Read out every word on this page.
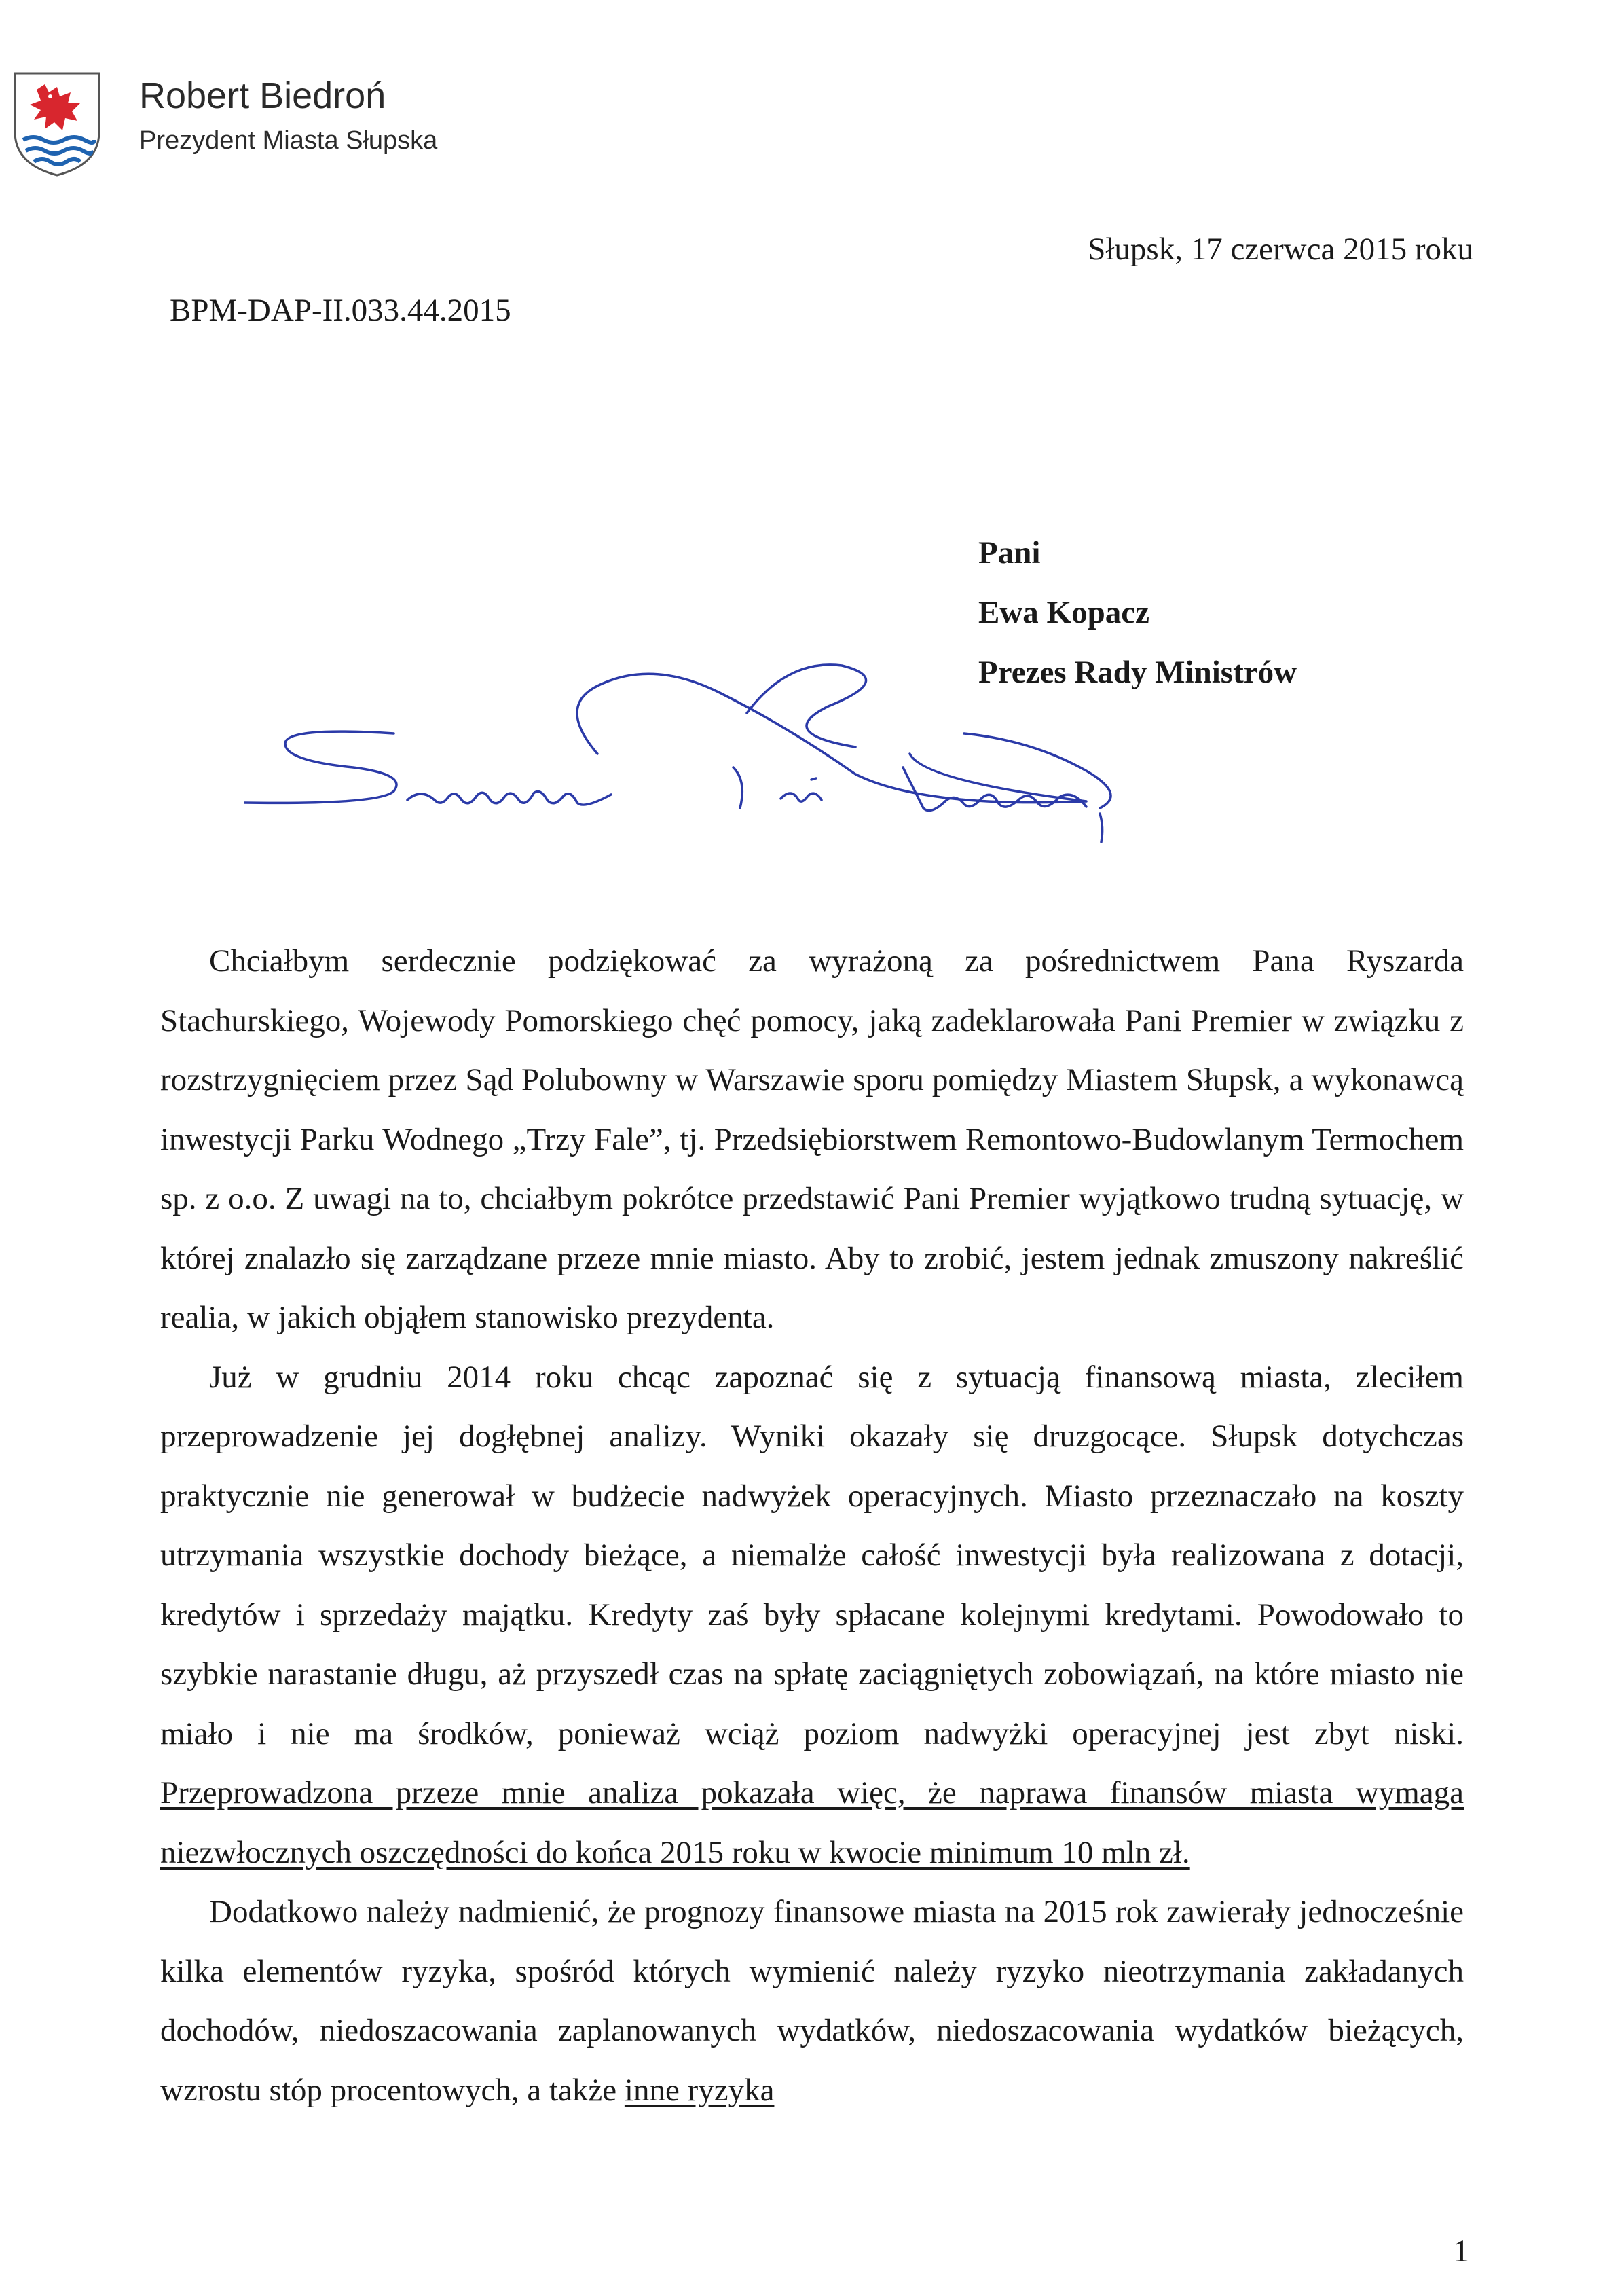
Robert Biedroń
Prezydent Miasta Słupska
Słupsk, 17 czerwca 2015 roku
BPM-DAP-II.033.44.2015
Pani
Ewa Kopacz
Prezes Rady Ministrów

Chciałbym serdecznie podziękować za wyrażoną za pośrednictwem Pana Ryszarda Stachurskiego, Wojewody Pomorskiego chęć pomocy, jaką zadeklarowała Pani Premier w związku z rozstrzygnięciem przez Sąd Polubowny w Warszawie sporu pomiędzy Miastem Słupsk, a wykonawcą inwestycji Parku Wodnego „Trzy Fale”, tj. Przedsiębiorstwem Remontowo-Budowlanym Termochem sp. z o.o. Z uwagi na to, chciałbym pokrótce przedstawić Pani Premier wyjątkowo trudną sytuację, w której znalazło się zarządzane przeze mnie miasto. Aby to zrobić, jestem jednak zmuszony nakreślić realia, w jakich objąłem stanowisko prezydenta.

Już w grudniu 2014 roku chcąc zapoznać się z sytuacją finansową miasta, zleciłem przeprowadzenie jej dogłębnej analizy. Wyniki okazały się druzgocące. Słupsk dotychczas praktycznie nie generował w budżecie nadwyżek operacyjnych. Miasto przeznaczało na koszty utrzymania wszystkie dochody bieżące, a niemalże całość inwestycji była realizowana z dotacji, kredytów i sprzedaży majątku. Kredyty zaś były spłacane kolejnymi kredytami. Powodowało to szybkie narastanie długu, aż przyszedł czas na spłatę zaciągniętych zobowiązań, na które miasto nie miało i nie ma środków, ponieważ wciąż poziom nadwyżki operacyjnej jest zbyt niski. Przeprowadzona przeze mnie analiza pokazała więc, że naprawa finansów miasta wymaga niezwłocznych oszczędności do końca 2015 roku w kwocie minimum 10 mln zł.

Dodatkowo należy nadmienić, że prognozy finansowe miasta na 2015 rok zawierały jednocześnie kilka elementów ryzyka, spośród których wymienić należy ryzyko nieotrzymania zakładanych dochodów, niedoszacowania zaplanowanych wydatków, niedoszacowania wydatków bieżących, wzrostu stóp procentowych, a także inne ryzyka

1
